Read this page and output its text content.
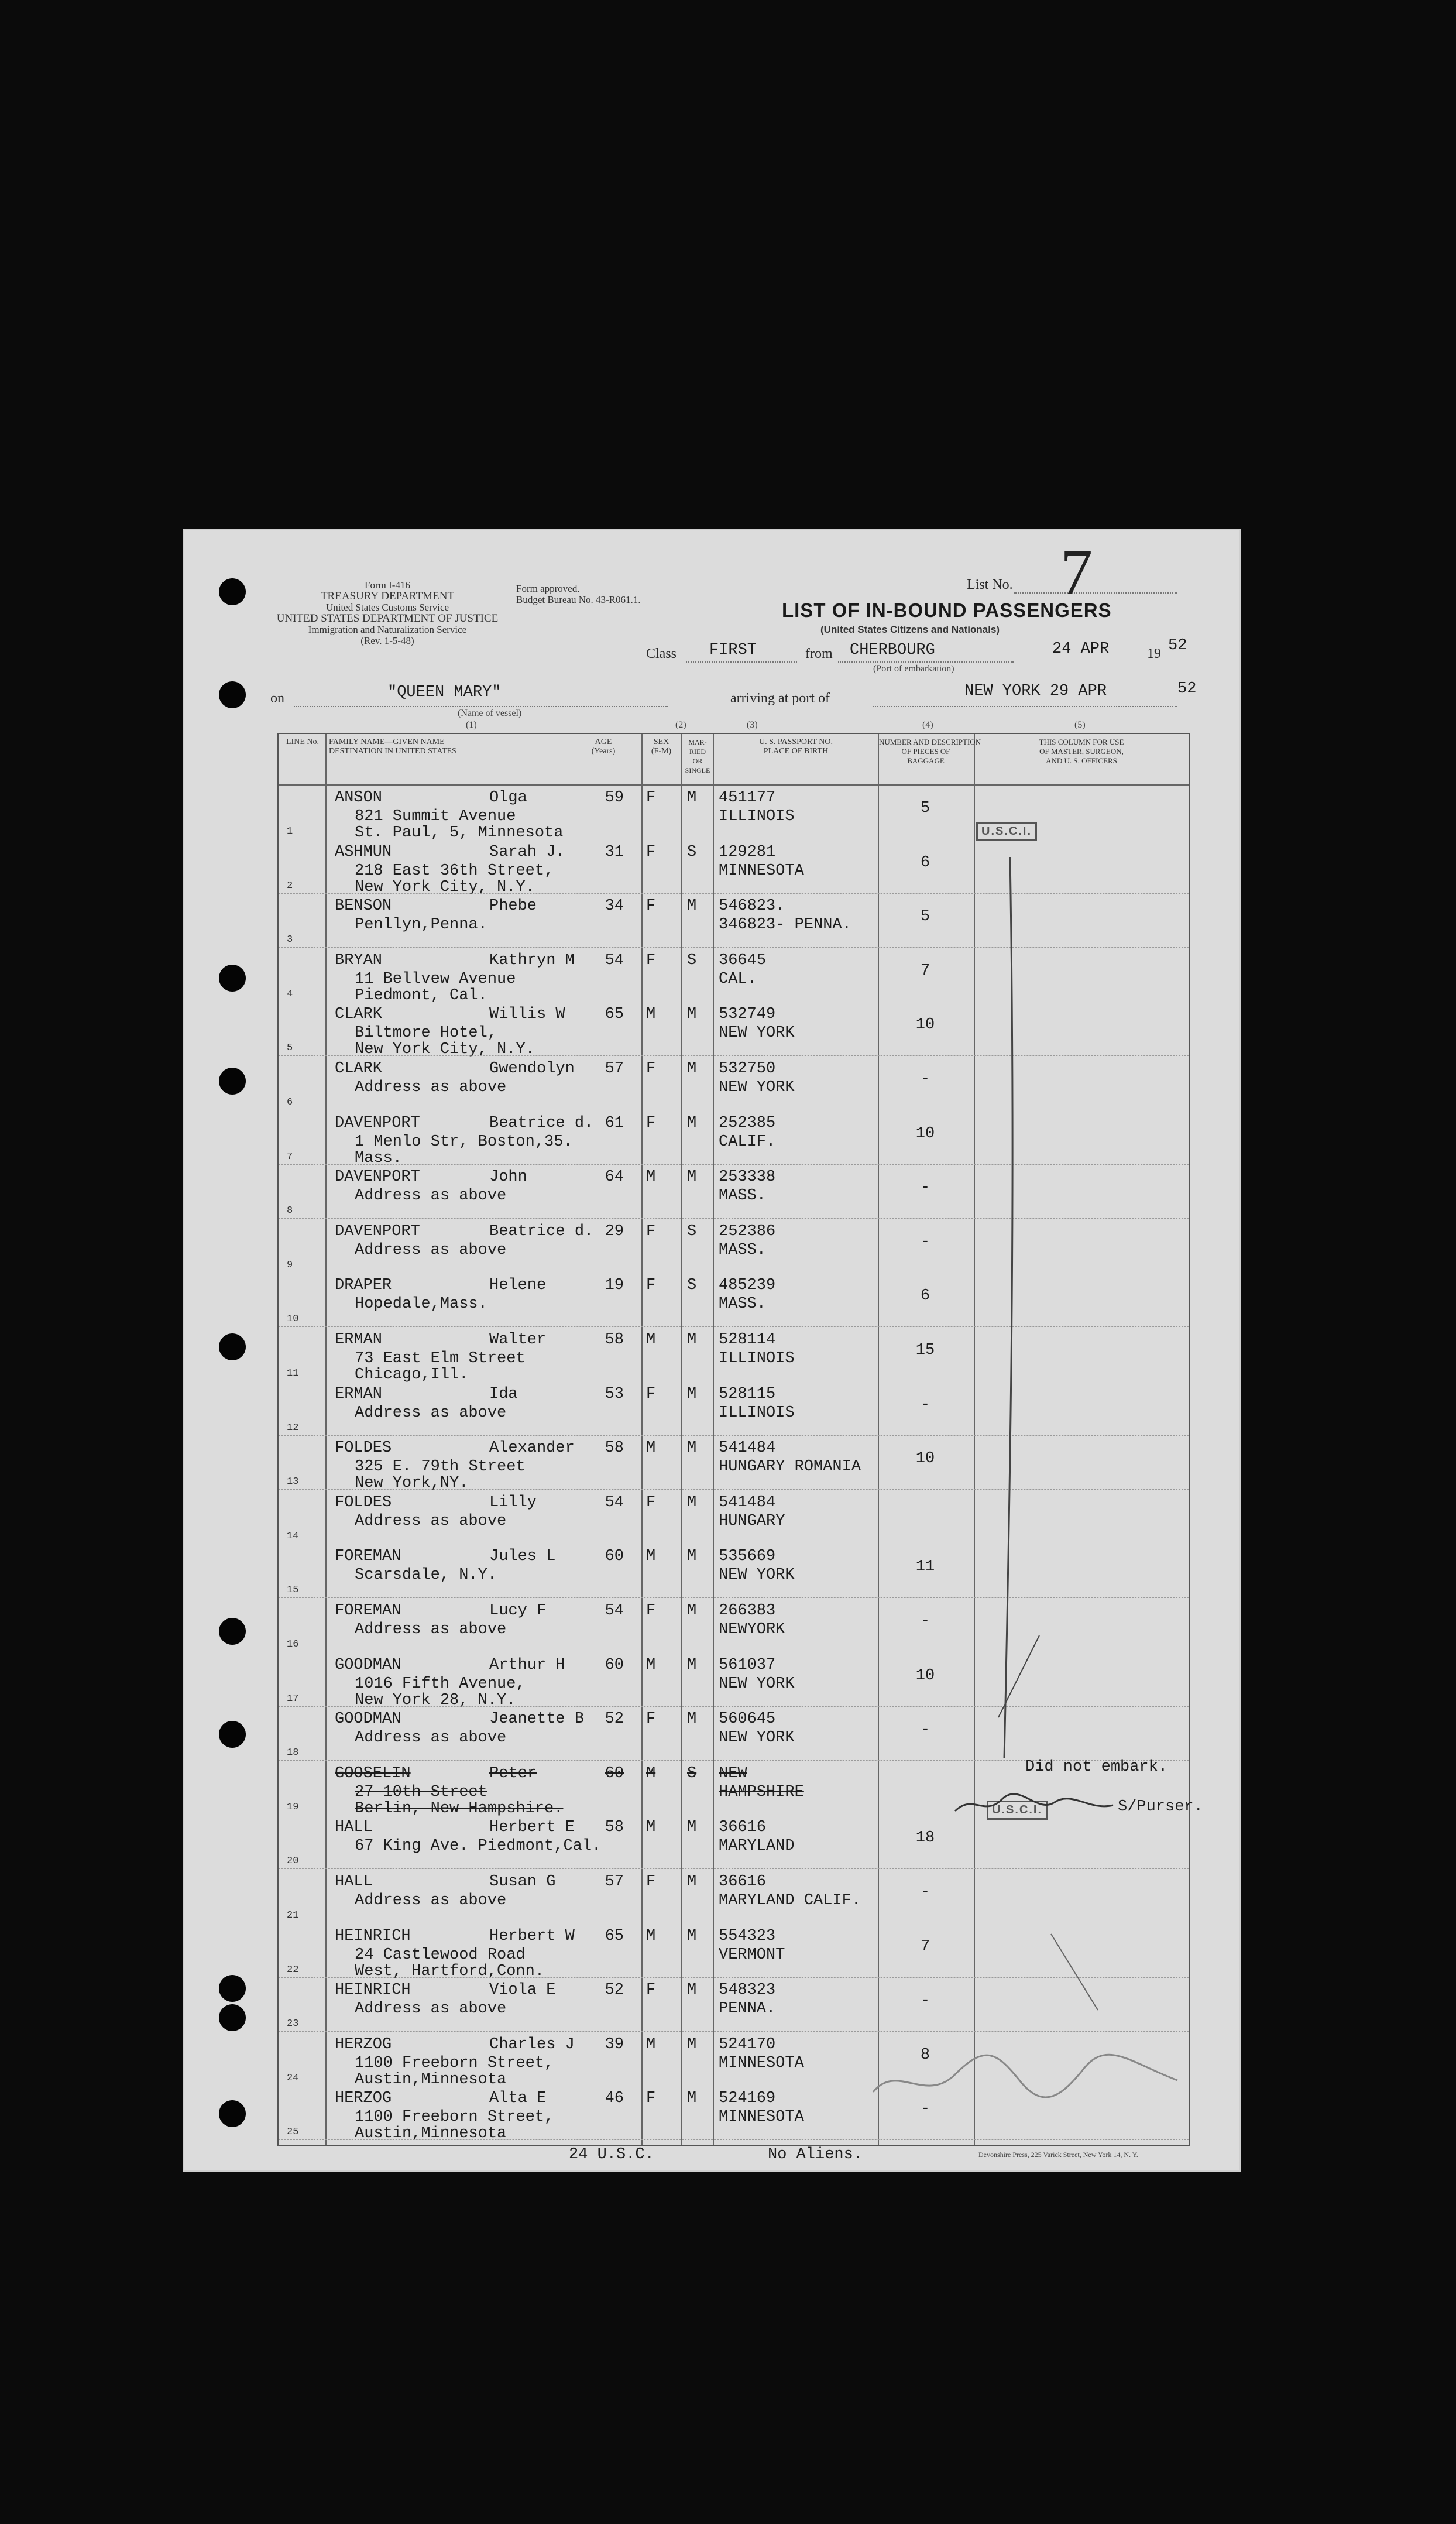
Form I-416
TREASURY DEPARTMENT
United States Customs Service
UNITED STATES DEPARTMENT OF JUSTICE
Immigration and Naturalization Service
(Rev. 1-5-48)
Form approved.
Budget Bureau No. 43-R061.1.
List No. 7
LIST OF IN-BOUND PASSENGERS
(United States Citizens and Nationals)
Class FIRST	from CHERBOURG
(Port of embarkation)
24 APR	19 52
on	"QUEEN MARY"
(Name of vessel)
arriving at port of	NEW YORK 29 APR	52
(1)	(2)	(3)	(4)	(5)
LINE No.	FAMILY NAME—GIVEN NAME
DESTINATION IN UNITED STATES
AGE
(Years)
SEX
(F-M)
MAR-
RIED
OR
SINGLE
U. S. PASSPORT NO.
PLACE OF BIRTH
NUMBER AND DESCRIPTION
OF PIECES OF
BAGGAGE
THIS COLUMN FOR USE
OF MASTER, SURGEON,
AND U. S. OFFICERS
1
ANSON	Olga	59 F M
821 Summit Avenue
St. Paul, 5, Minnesota
451177
ILLINOIS	5
2
ASHMUN	Sarah J.	31 F S
218 East 36th Street,
New York City, N.Y.
129281
MINNESOTA	6
3
BENSON	Phebe	34 F M
Penllyn,Penna.
546823.
346823- PENNA.	5
4
BRYAN	Kathryn M	54 F S
11 Bellvew Avenue
Piedmont, Cal.
36645
CAL.	7
5
CLARK	Willis W	65 M M
Biltmore Hotel,
New York City, N.Y.
532749
NEW YORK	10
6
CLARK	Gwendolyn	57 F M
Address as above
532750
NEW YORK	-
7
DAVENPORT	Beatrice d. 61 F M
1 Menlo Str, Boston,35.
Mass.
252385
CALIF.	10
8
DAVENPORT	John	64 M M
Address as above
253338
MASS.	-
9
DAVENPORT	Beatrice d. 29 F S
Address as above
252386
MASS.	-
10
DRAPER	Helene	19 F S
Hopedale,Mass.
485239
MASS.	6
11
ERMAN	Walter	58 M M
73 East Elm Street
Chicago,Ill.
528114
ILLINOIS	15
12
ERMAN	Ida	53 F M
Address as above
528115
ILLINOIS	-
13
FOLDES	Alexander	58 M M
325 E. 79th Street
New York,NY.
541484
HUNGARY ROMANIA	10
14
FOLDES	Lilly	54 F M
Address as above
541484
HUNGARY
15
FOREMAN	Jules L	60 M M
Scarsdale, N.Y.
535669
NEW YORK	11
16
FOREMAN	Lucy F	54 F M
Address as above
266383
NEWYORK	-
17
GOODMAN	Arthur H	60 M M
1016 Fifth Avenue,
New York 28, N.Y.
561037
NEW YORK	10
18
GOODMAN	Jeanette B	52 F M
Address as above
560645
NEW YORK	-
19
GOOSELIN	Peter	60 M S
27 10th Street
Berlin, New Hampshire.
NEW
HAMPSHIRE
20
HALL	Herbert E	58 M M
67 King Ave. Piedmont,Cal.
36616
MARYLAND	18
21
HALL	Susan G	57 F M
Address as above
36616
MARYLAND CALIF.	-
22
HEINRICH	Herbert W	65 M M
24 Castlewood Road
West, Hartford,Conn.
554323
VERMONT	7
23
HEINRICH	Viola E	52 F M
Address as above
548323
PENNA.	-
24
HERZOG	Charles J	39 M M
1100 Freeborn Street,
Austin,Minnesota
524170
MINNESOTA	8
25
HERZOG	Alta E	46 F M
1100 Freeborn Street,
Austin,Minnesota
524169
MINNESOTA	-
U.S.C.I.
U.S.C.I.
Did not embark.
S/Purser.
24 U.S.C.	No Aliens.	Devonshire Press, 225 Varick Street, New York 14, N. Y.
